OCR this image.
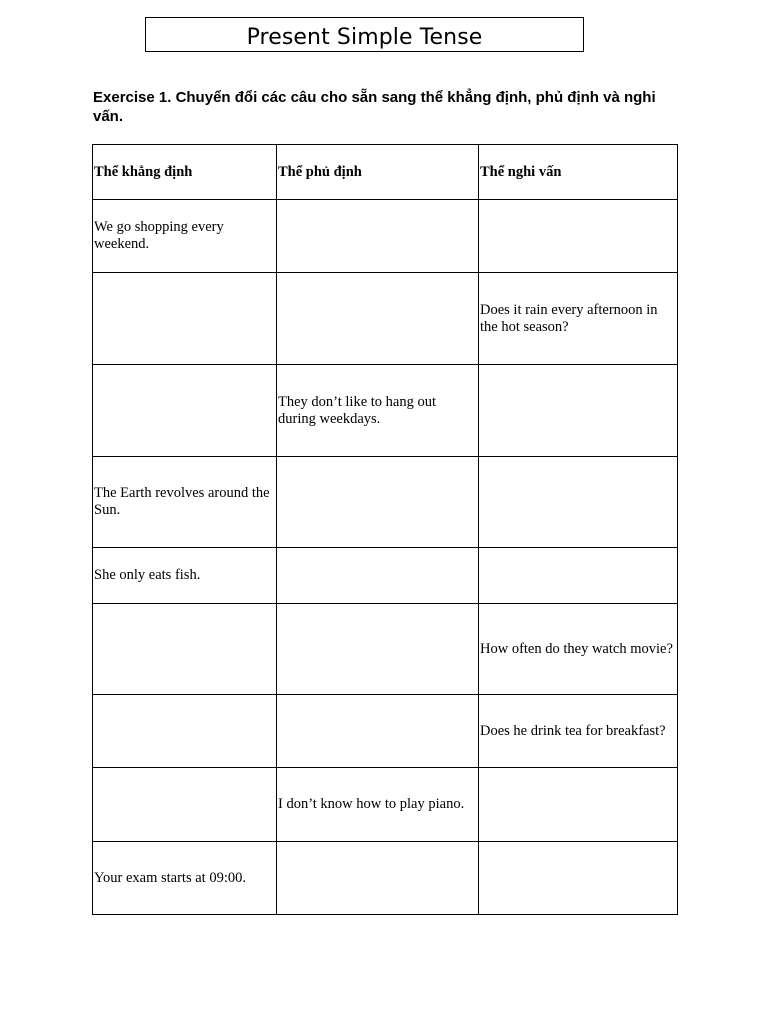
Present Simple Tense
Exercise 1. Chuyển đổi các câu cho sẵn sang thể khẳng định, phủ định và nghi vấn.
Thể khẳng định	Thể phủ định	Thể nghi vấn
We go shopping every weekend.		
		Does it rain every afternoon in the hot season?
	They don’t like to hang out during weekdays.	
The Earth revolves around the Sun.		
She only eats fish.		
		How often do they watch movie?
		Does he drink tea for breakfast?
	I don’t know how to play piano.	
Your exam starts at 09:00.		
